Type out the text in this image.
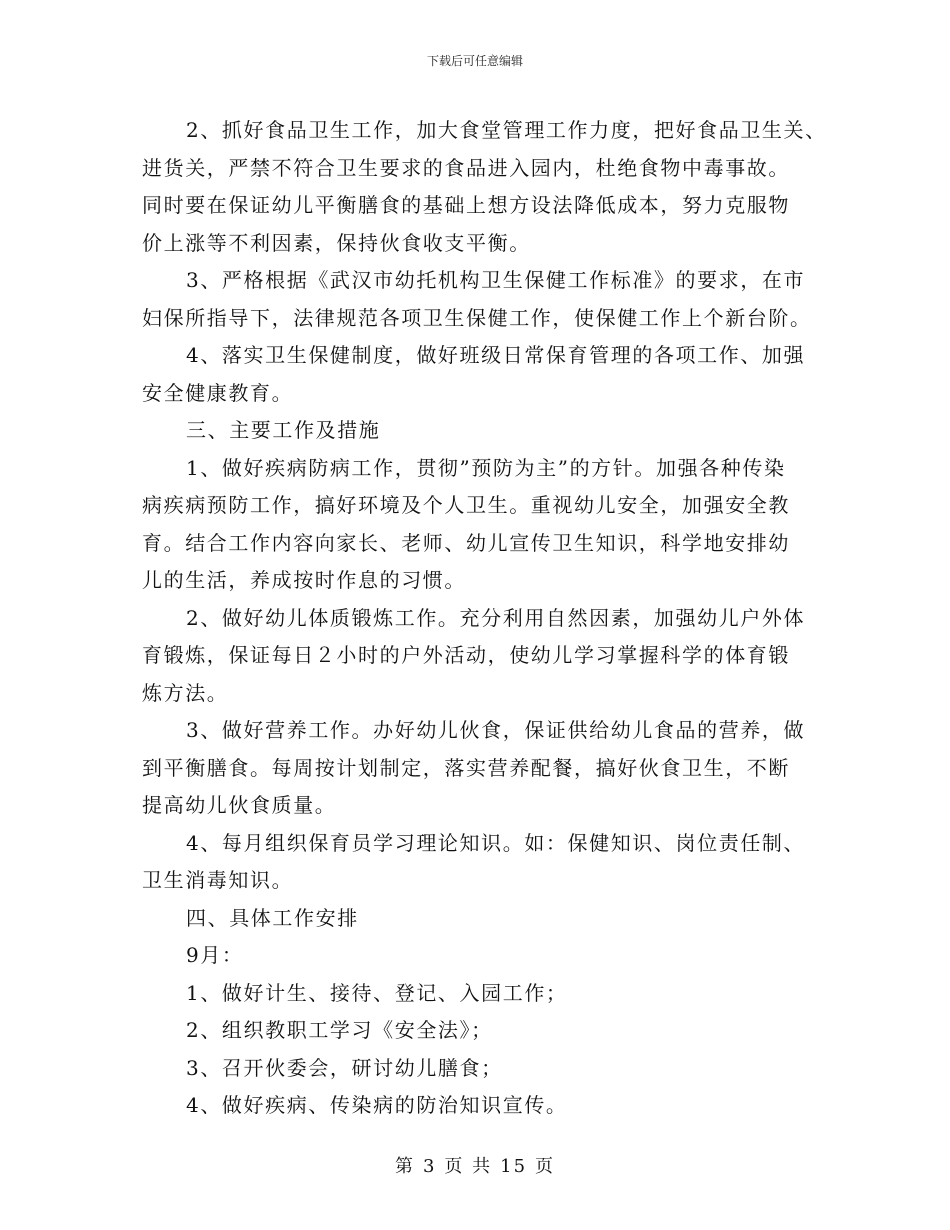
下载后可任意编辑

2、抓好食品卫生工作，加大食堂管理工作力度，把好食品卫生关、
进货关，严禁不符合卫生要求的食品进入园内，杜绝食物中毒事故。
同时要在保证幼儿平衡膳食的基础上想方设法降低成本，努力克服物
价上涨等不利因素，保持伙食收支平衡。

3、严格根据《武汉市幼托机构卫生保健工作标准》的要求，在市
妇保所指导下，法律规范各项卫生保健工作，使保健工作上个新台阶。

4、落实卫生保健制度，做好班级日常保育管理的各项工作、加强
安全健康教育。

三、主要工作及措施

1、做好疾病防病工作，贯彻”预防为主”的方针。加强各种传染
病疾病预防工作，搞好环境及个人卫生。重视幼儿安全，加强安全教
育。结合工作内容向家长、老师、幼儿宣传卫生知识，科学地安排幼
儿的生活，养成按时作息的习惯。

2、做好幼儿体质锻炼工作。充分利用自然因素，加强幼儿户外体
育锻炼，保证每日２小时的户外活动，使幼儿学习掌握科学的体育锻
炼方法。

3、做好营养工作。办好幼儿伙食，保证供给幼儿食品的营养，做
到平衡膳食。每周按计划制定，落实营养配餐，搞好伙食卫生，不断
提高幼儿伙食质量。

4、每月组织保育员学习理论知识。如：保健知识、岗位责任制、
卫生消毒知识。

四、具体工作安排

9月：

1、做好计生、接待、登记、入园工作；

2、组织教职工学习《安全法》；

3、召开伙委会，研讨幼儿膳食；

4、做好疾病、传染病的防治知识宣传。

第 3 页 共 15 页
